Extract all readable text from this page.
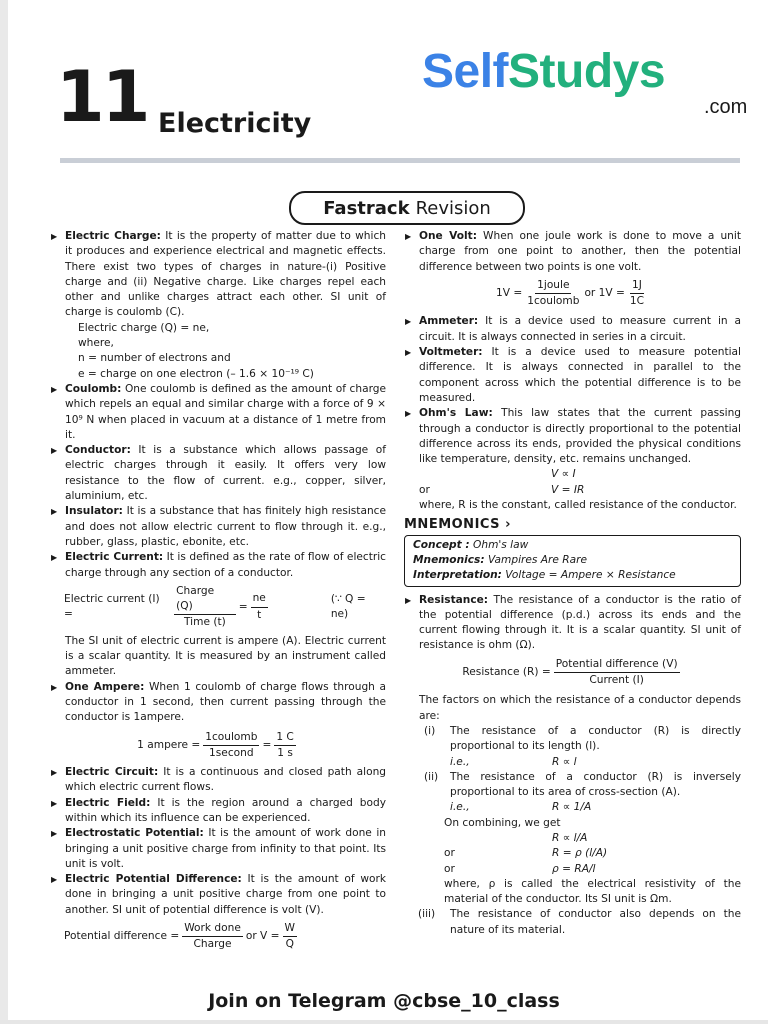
11 Electricity
SelfStudys
.com
Fastrack Revision
▶ Electric Charge: It is the property of matter due to which it produces and experience electrical and magnetic effects. There exist two types of charges in nature-(i) Positive charge and (ii) Negative charge. Like charges repel each other and unlike charges attract each other. SI unit of charge is coulomb (C).
Electric charge (Q) = ne,
where,
n = number of electrons and
e = charge on one electron (– 1.6 × 10⁻¹⁹ C)
▶ Coulomb: One coulomb is defined as the amount of charge which repels an equal and similar charge with a force of 9 × 10⁹ N when placed in vacuum at a distance of 1 metre from it.
▶ Conductor: It is a substance which allows passage of electric charges through it easily. It offers very low resistance to the flow of current. e.g., copper, silver, aluminium, etc.
▶ Insulator: It is a substance that has finitely high resistance and does not allow electric current to flow through it. e.g., rubber, glass, plastic, ebonite, etc.
▶ Electric Current: It is defined as the rate of flow of electric charge through any section of a conductor.
Electric current (I) =	$\frac{\text{Charge (Q)}}{\text{Time (t)}} = \frac{ne}{t}$	(∵ Q = ne)
The SI unit of electric current is ampere (A). Electric current is a scalar quantity. It is measured by an instrument called ammeter.
▶ One Ampere: When 1 coulomb of charge flows through a conductor in 1 second, then current passing through the conductor is 1ampere.
1 ampere = $\frac{\text{1coulomb}}{\text{1second}} = \frac{1 C}{1 s}$
▶ Electric Circuit: It is a continuous and closed path along which electric current flows.
▶ Electric Field: It is the region around a charged body within which its influence can be experienced.
▶ Electrostatic Potential: It is the amount of work done in bringing a unit positive charge from infinity to that point. Its unit is volt.
▶ Electric Potential Difference: It is the amount of work done in bringing a unit positive charge from one point to another. SI unit of potential difference is volt (V).
Potential difference = $\frac{\text{Work done}}{\text{Charge}}$ or $V = \frac{W}{Q}$
▶ One Volt: When one joule work is done to move a unit charge from one point to another, then the potential difference between two points is one volt.
$1V = \frac{\text{1joule}}{\text{1coulomb}}$ or $1V = \frac{1J}{1C}$
▶ Ammeter: It is a device used to measure current in a circuit. It is always connected in series in a circuit.
▶ Voltmeter: It is a device used to measure potential difference. It is always connected in parallel to the component across which the potential difference is to be measured.
▶ Ohm's Law: This law states that the current passing through a conductor is directly proportional to the potential difference across its ends, provided the physical conditions like temperature, density, etc. remains unchanged.
V ∝ I
or	V = IR
where, R is the constant, called resistance of the conductor.
MNEMONICS ›
Concept : Ohm's law
Mnemonics: Vampires Are Rare
Interpretation: Voltage = Ampere × Resistance
▶ Resistance: The resistance of a conductor is the ratio of the potential difference (p.d.) across its ends and the current flowing through it. It is a scalar quantity. SI unit of resistance is ohm (Ω).
Resistance $(R) = \frac{\text{Potential difference (V)}}{\text{Current (I)}}$
The factors on which the resistance of a conductor depends are:
(i)	The resistance of a conductor (R) is directly proportional to its length (l).
i.e.,	R ∝ l
(ii)	The resistance of a conductor (R) is inversely proportional to its area of cross-section (A).
i.e.,	R ∝ 1/A
On combining, we get
R ∝ l/A
or	R = ρ (l/A)
or	ρ = RA/l
where, ρ is called the electrical resistivity of the material of the conductor. Its SI unit is Ωm.
(iii)	The resistance of conductor also depends on the nature of its material.
Join on Telegram @cbse_10_class
